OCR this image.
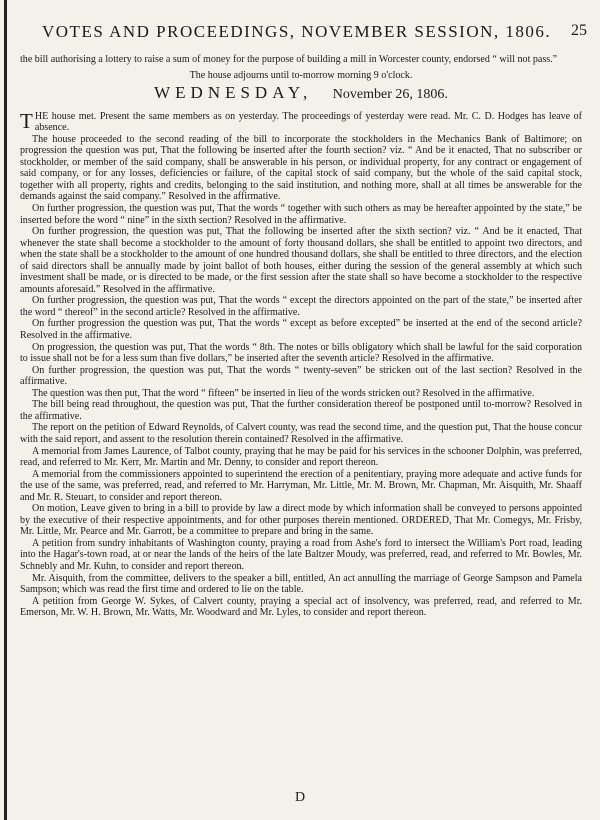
VOTES AND PROCEEDINGS, NOVEMBER SESSION, 1806. 25

the bill authorising a lottery to raise a sum of money for the purpose of building a mill in Worcester county, endorsed “ will not pass.”

The house adjourns until to-morrow morning 9 o'clock.

WEDNESDAY, November 26, 1806.

THE house met. Present the same members as on yesterday. The proceedings of yesterday were read. Mr. C. D. Hodges has leave of absence.

The house proceeded to the second reading of the bill to incorporate the stockholders in the Mechanics Bank of Baltimore; on progression the question was put, That the following be inserted after the fourth section? viz. “ And be it enacted, That no subscriber or stockholder, or member of the said company, shall be answerable in his person, or individual property, for any contract or engagement of said company, or for any losses, deficiencies or failure, of the capital stock of said company, but the whole of the said capital stock, together with all property, rights and credits, belonging to the said institution, and nothing more, shall at all times be answerable for the demands against the said company.” Resolved in the affirmative.

On further progression, the question was put, That the words “ together with such others as may be hereafter appointed by the state,” be inserted before the word “ nine” in the sixth section? Resolved in the affirmative.

On further progression, the question was put, That the following be inserted after the sixth section? viz. “ And be it enacted, That whenever the state shall become a stockholder to the amount of forty thousand dollars, she shall be entitled to appoint two directors, and when the state shall be a stockholder to the amount of one hundred thousand dollars, she shall be entitled to three directors, and the election of said directors shall be annually made by joint ballot of both houses, either during the session of the general assembly at which such investment shall be made, or is directed to be made, or the first session after the state shall so have become a stockholder to the respective amounts aforesaid.” Resolved in the affirmative.

On further progression, the question was put, That the words “ except the directors appointed on the part of the state,” be inserted after the word “ thereof” in the second article? Resolved in the affirmative.

On further progression the question was put, That the words “ except as before excepted” be inserted at the end of the second article? Resolved in the affirmative.

On progression, the question was put, That the words “ 8th. The notes or bills obligatory which shall be lawful for the said corporation to issue shall not be for a less sum than five dollars,” be inserted after the seventh article? Resolved in the affirmative.

On further progression, the question was put, That the words “ twenty-seven” be stricken out of the last section? Resolved in the affirmative.

The question was then put, That the word “ fifteen” be inserted in lieu of the words stricken out? Resolved in the affirmative.

The bill being read throughout, the question was put, That the further consideration thereof be postponed until to-morrow? Resolved in the affirmative.

The report on the petition of Edward Reynolds, of Calvert county, was read the second time, and the question put, That the house concur with the said report, and assent to the resolution therein contained? Resolved in the affirmative.

A memorial from James Laurence, of Talbot county, praying that he may be paid for his services in the schooner Dolphin, was preferred, read, and referred to Mr. Kerr, Mr. Martin and Mr. Denny, to consider and report thereon.

A memorial from the commissioners appointed to superintend the erection of a penitentiary, praying more adequate and active funds for the use of the same, was preferred, read, and referred to Mr. Harryman, Mr. Little, Mr. M. Brown, Mr. Chapman, Mr. Aisquith, Mr. Shaaff and Mr. R. Steuart, to consider and report thereon.

On motion, Leave given to bring in a bill to provide by law a direct mode by which information shall be conveyed to persons appointed by the executive of their respective appointments, and for other purposes therein mentioned. ORDERED, That Mr. Comegys, Mr. Frisby, Mr. Little, Mr. Pearce and Mr. Garrott, be a committee to prepare and bring in the same.

A petition from sundry inhabitants of Washington county, praying a road from Ashe's ford to intersect the William's Port road, leading into the Hagar's-town road, at or near the lands of the heirs of the late Baltzer Moudy, was preferred, read, and referred to Mr. Bowles, Mr. Schnebly and Mr. Kuhn, to consider and report thereon.

Mr. Aisquith, from the committee, delivers to the speaker a bill, entitled, An act annulling the marriage of George Sampson and Pamela Sampson; which was read the first time and ordered to lie on the table.

A petition from George W. Sykes, of Calvert county, praying a special act of insolvency, was preferred, read, and referred to Mr. Emerson, Mr. W. H. Brown, Mr. Watts, Mr. Woodward and Mr. Lyles, to consider and report thereon.

D
